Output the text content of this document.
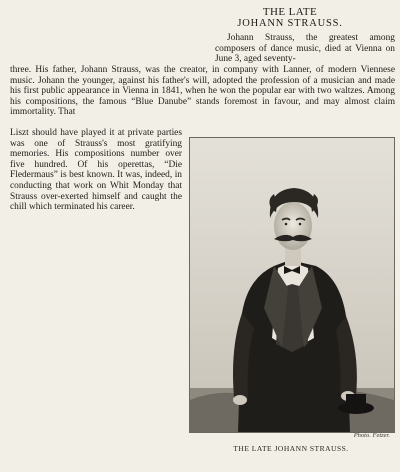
THE LATE
JOHANN STRAUSS.
Johann Strauss, the greatest among composers of dance music, died at Vienna on June 3, aged seventy-
three. His father, Johann Strauss, was the creator, in company with Lanner, of modern Viennese music. Johann the younger, against his father's will, adopted the profession of a musician and made his first public appearance in Vienna in 1841, when he won the popular ear with two waltzes. Among his compositions, the famous “Blue Danube” stands foremost in favour, and may almost claim immortality. That
Liszt should have played it at private parties was one of Strauss's most gratifying memories. His compositions number over five hundred. Of his operettas, “Die Fledermaus” is best known. It was, indeed, in conducting that work on Whit Monday that Strauss over-exerted himself and caught the chill which terminated his career.
Photo. Fetzer.
THE LATE JOHANN STRAUSS.
